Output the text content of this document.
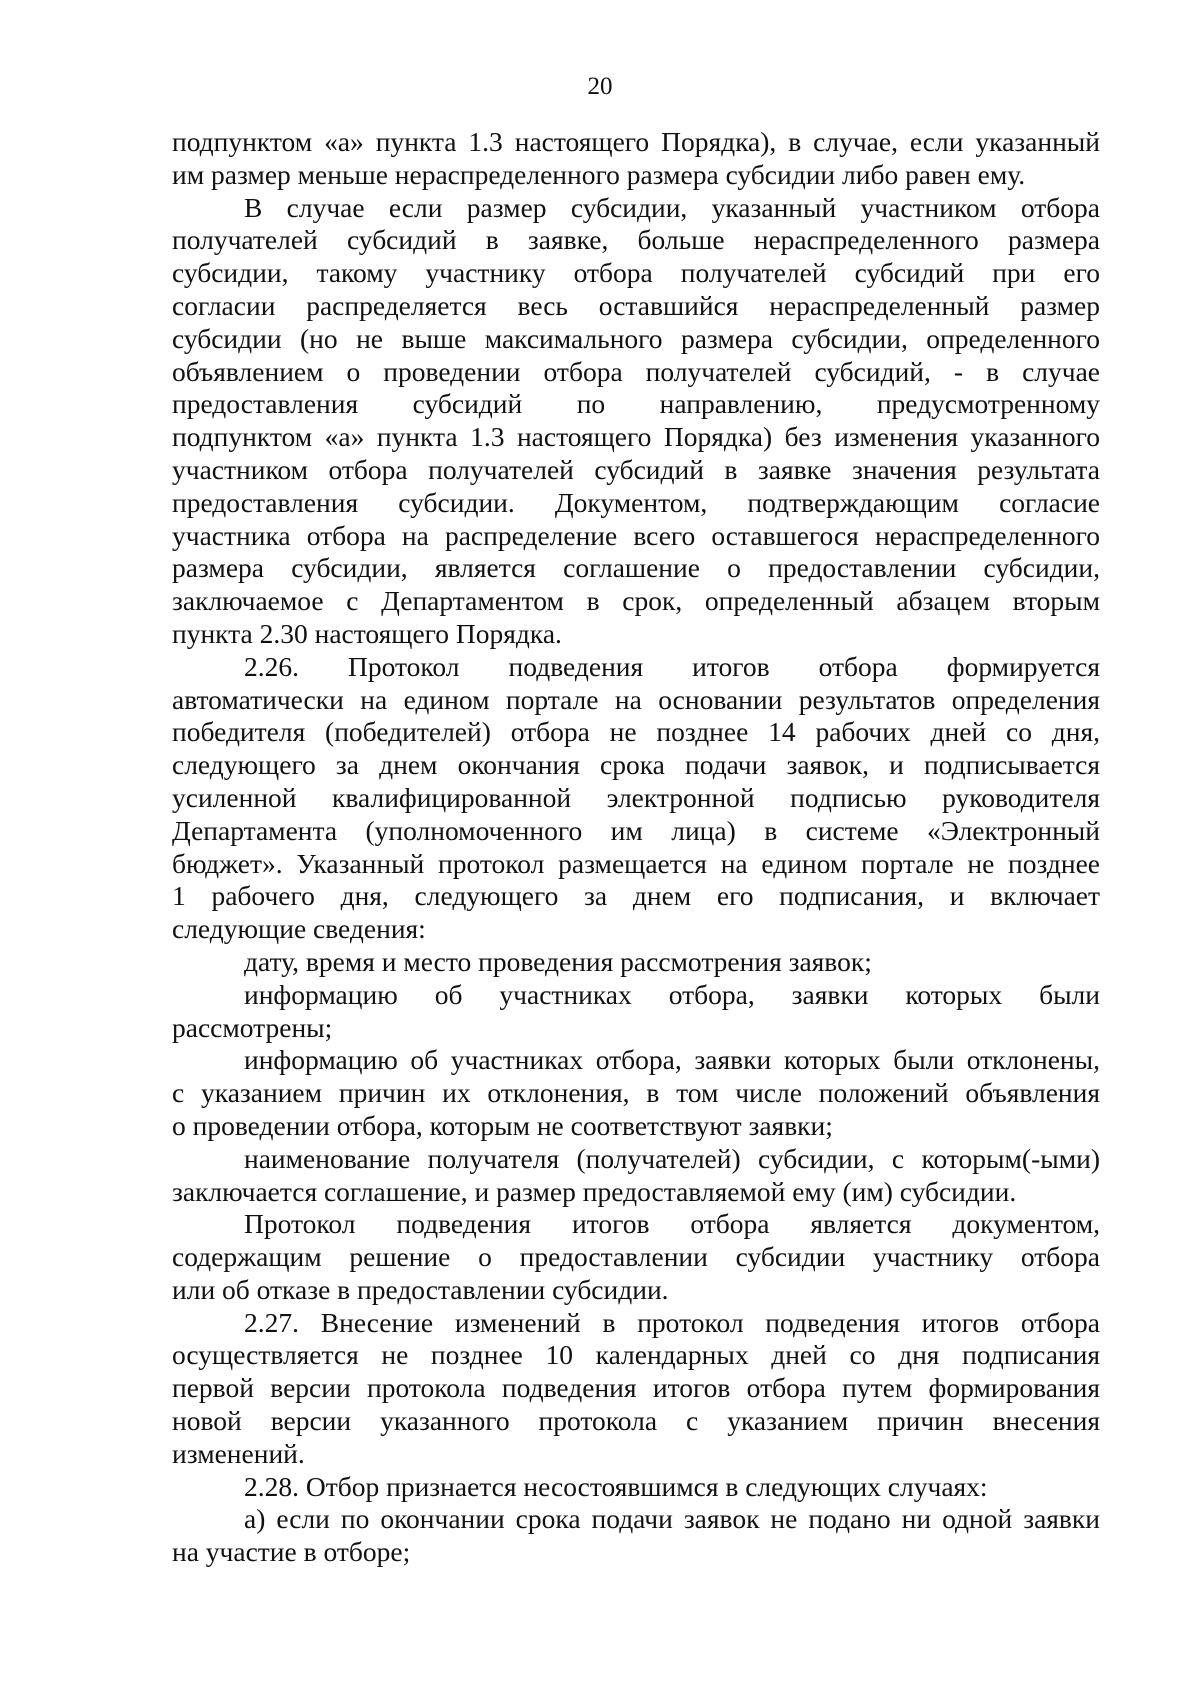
20
подпунктом «а» пункта 1.3 настоящего Порядка), в случае, если указанный
им размер меньше нераспределенного размера субсидии либо равен ему.
В случае если размер субсидии, указанный участником отбора
получателей субсидий в заявке, больше нераспределенного размера
субсидии, такому участнику отбора получателей субсидий при его
согласии распределяется весь оставшийся нераспределенный размер
субсидии (но не выше максимального размера субсидии, определенного
объявлением о проведении отбора получателей субсидий, - в случае
предоставления субсидий по направлению, предусмотренному
подпунктом «а» пункта 1.3 настоящего Порядка) без изменения указанного
участником отбора получателей субсидий в заявке значения результата
предоставления субсидии. Документом, подтверждающим согласие
участника отбора на распределение всего оставшегося нераспределенного
размера субсидии, является соглашение о предоставлении субсидии,
заключаемое с Департаментом в срок, определенный абзацем вторым
пункта 2.30 настоящего Порядка.
2.26. Протокол подведения итогов отбора формируется
автоматически на едином портале на основании результатов определения
победителя (победителей) отбора не позднее 14 рабочих дней со дня,
следующего за днем окончания срока подачи заявок, и подписывается
усиленной квалифицированной электронной подписью руководителя
Департамента (уполномоченного им лица) в системе «Электронный
бюджет». Указанный протокол размещается на едином портале не позднее
1 рабочего дня, следующего за днем его подписания, и включает
следующие сведения:
дату, время и место проведения рассмотрения заявок;
информацию об участниках отбора, заявки которых были
рассмотрены;
информацию об участниках отбора, заявки которых были отклонены,
с указанием причин их отклонения, в том числе положений объявления
о проведении отбора, которым не соответствуют заявки;
наименование получателя (получателей) субсидии, с которым(-ыми)
заключается соглашение, и размер предоставляемой ему (им) субсидии.
Протокол подведения итогов отбора является документом,
содержащим решение о предоставлении субсидии участнику отбора
или об отказе в предоставлении субсидии.
2.27. Внесение изменений в протокол подведения итогов отбора
осуществляется не позднее 10 календарных дней со дня подписания
первой версии протокола подведения итогов отбора путем формирования
новой версии указанного протокола с указанием причин внесения
изменений.
2.28. Отбор признается несостоявшимся в следующих случаях:
а) если по окончании срока подачи заявок не подано ни одной заявки
на участие в отборе;
